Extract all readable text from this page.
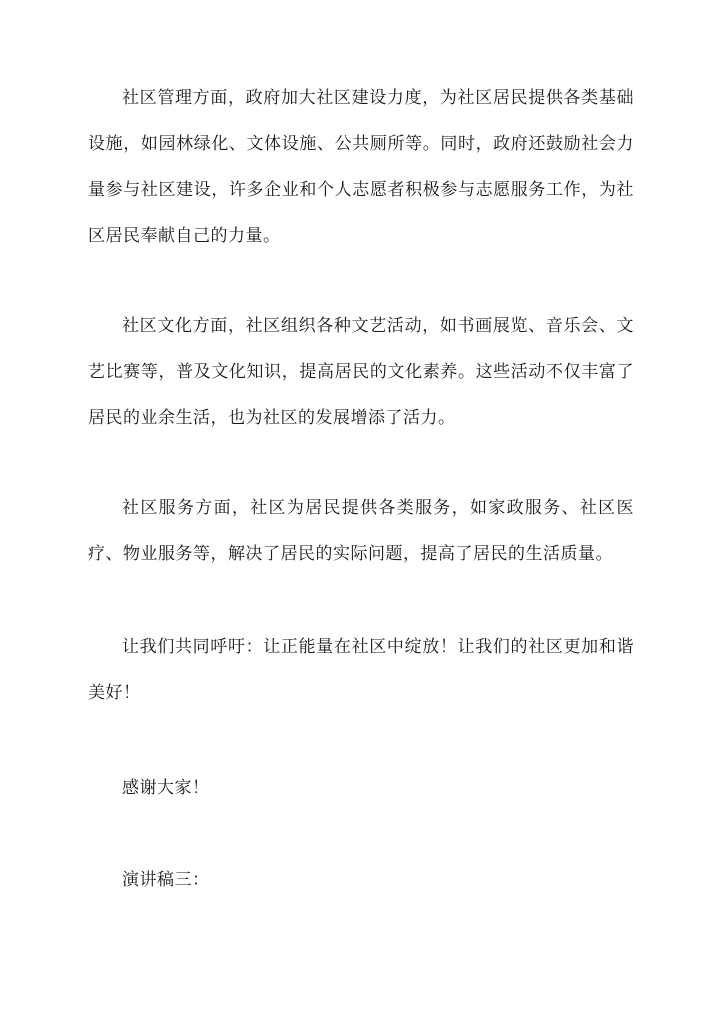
社区管理方面，政府加大社区建设力度，为社区居民提供各类基础设施，如园林绿化、文体设施、公共厕所等。同时，政府还鼓励社会力量参与社区建设，许多企业和个人志愿者积极参与志愿服务工作，为社区居民奉献自己的力量。

社区文化方面，社区组织各种文艺活动，如书画展览、音乐会、文艺比赛等，普及文化知识，提高居民的文化素养。这些活动不仅丰富了居民的业余生活，也为社区的发展增添了活力。

社区服务方面，社区为居民提供各类服务，如家政服务、社区医疗、物业服务等，解决了居民的实际问题，提高了居民的生活质量。

让我们共同呼吁：让正能量在社区中绽放！让我们的社区更加和谐美好！

感谢大家！

演讲稿三：
